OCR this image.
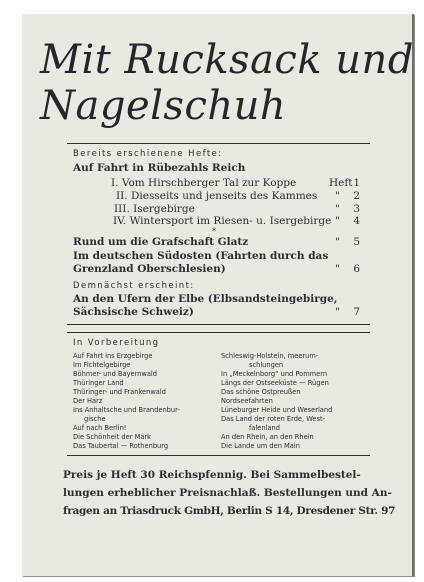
Mit Rucksack und
Nagelschuh
Bereits erschienene Hefte:
Auf Fahrt in Rübezahls Reich
I. Vom Hirschberger Tal zur Koppe	Heft 1
II. Diesseits und jenseits des Kammes "	2
III. Isergebirge	"	3
IV. Wintersport im Riesen- u. Isergebirge "	4
*
Rund um die Grafschaft Glatz	"	5
Im deutschen Südosten (Fahrten durch das
Grenzland Oberschlesien)	"	6
Demnächst erscheint:
An den Ufern der Elbe (Elbsandsteingebirge,
Sächsische Schweiz)	"	7
In Vorbereitung
Auf Fahrt ins Erzgebirge
Im Fichtelgebirge
Böhmer- und Bayernwald
Thüringer Land
Thüringer- und Frankenwald
Der Harz
Ins Anhaltsche und Brandenbur-
gische
Auf nach Berlin!
Die Schönheit der Mark
Das Taubertal — Rothenburg
Schleswig-Holstein, meerum-
schlungen
In „Meckelnborg“ und Pommern
Längs der Ostseeküste — Rügen
Das schöne Ostpreußen
Nordseefahrten
Lüneburger Heide und Weserland
Das Land der roten Erde, West-
falenland
An den Rhein, an den Rhein
Die Lande um den Main
Preis je Heft 30 Reichspfennig. Bei Sammelbestel-
lungen erheblicher Preisnachlaß. Bestellungen und An-
fragen an Triasdruck GmbH, Berlin S 14, Dresdener Str. 97
